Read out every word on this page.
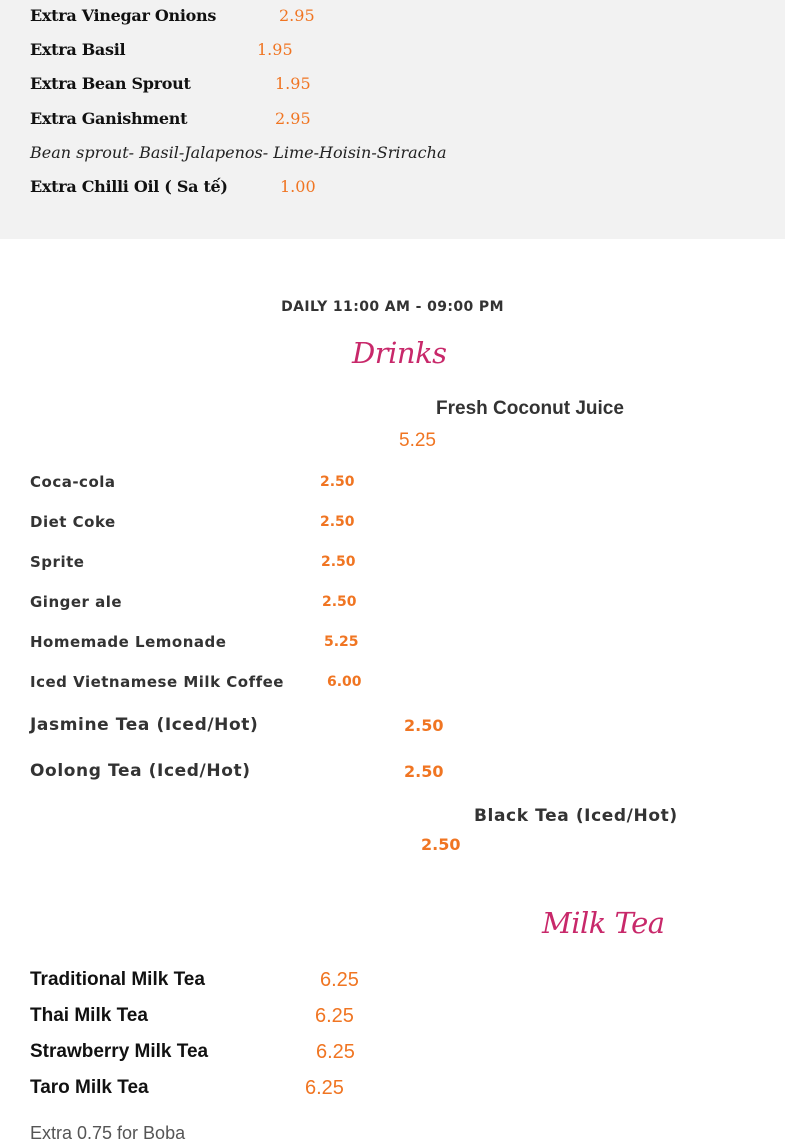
Extra Vinegar Onions	2.95
Extra Basil	1.95
Extra Bean Sprout	1.95
Extra Ganishment	2.95
Bean sprout- Basil-Jalapenos- Lime-Hoisin-Sriracha
Extra Chilli Oil ( Sa tế)	1.00
DAILY 11:00 AM - 09:00 PM
Drinks
Fresh Coconut Juice
5.25
Coca-cola	2.50
Diet Coke	2.50
Sprite	2.50
Ginger ale	2.50
Homemade Lemonade	5.25
Iced Vietnamese Milk Coffee	6.00
Jasmine Tea (Iced/Hot)	2.50
Oolong Tea (Iced/Hot)	2.50
Black Tea (Iced/Hot)
2.50
Milk Tea
Traditional Milk Tea	6.25
Thai Milk Tea	6.25
Strawberry Milk Tea	6.25
Taro Milk Tea	6.25
Extra 0.75 for Boba
